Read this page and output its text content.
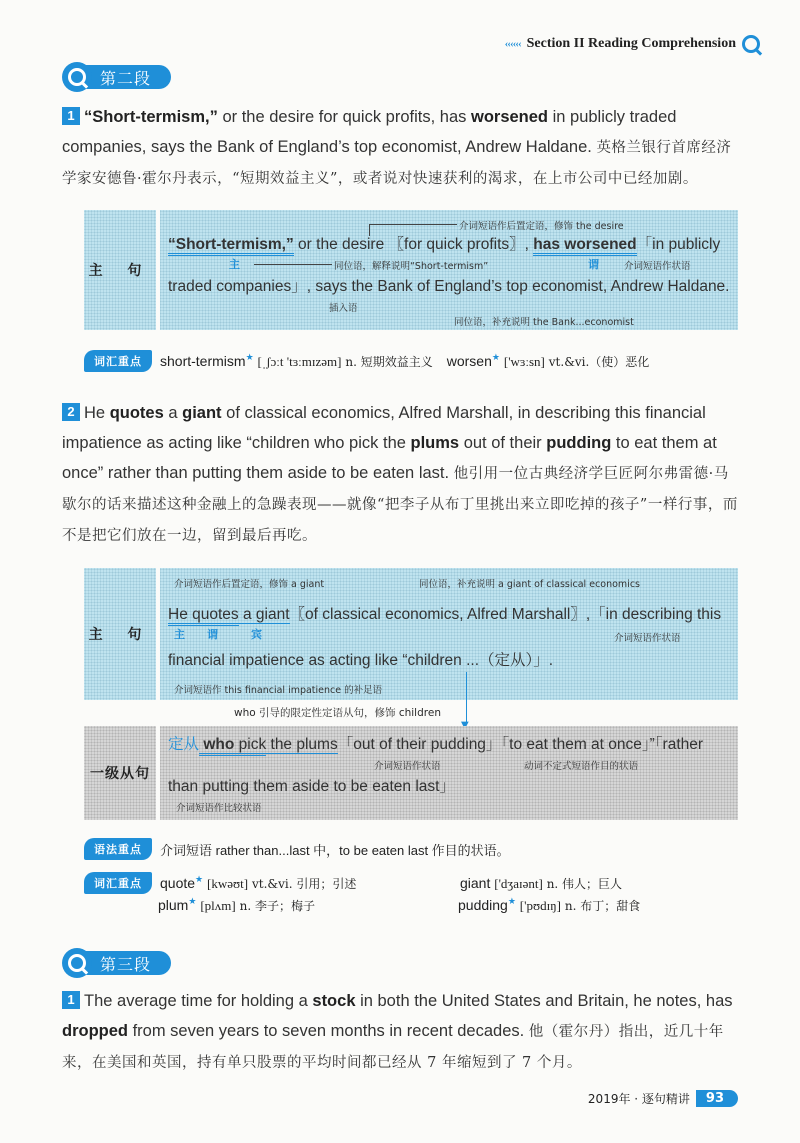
‹‹‹‹‹‹ Section II Reading Comprehension
第二段
1 “Short-termism,” or the desire for quick profits, has worsened in publicly traded companies, says the Bank of England’s top economist, Andrew Haldane. 英格兰银行首席经济学家安德鲁·霍尔丹表示，“短期效益主义”，或者说对快速获利的渴求，在上市公司中已经加剧。
主 句
介词短语作后置定语，修饰 the desire
“Short-termism,” or the desire 〖for quick profits〗, has worsened「in publicly
主	谓
同位语，解释说明“Short-termism”	介词短语作状语
traded companies」, says the Bank of England’s top economist, Andrew Haldane.
插入语
同位语，补充说明 the Bank...economist
词汇重点	short-termism★ [ˌʃɔːt 'tɜːmɪzəm] n. 短期效益主义 worsen★ ['wɜːsn] vt.&vi.（使）恶化
2 He quotes a giant of classical economics, Alfred Marshall, in describing this financial impatience as acting like “children who pick the plums out of their pudding to eat them at once” rather than putting them aside to be eaten last. 他引用一位古典经济学巨匠阿尔弗雷德·马歇尔的话来描述这种金融上的急躁表现——就像“把李子从布丁里挑出来立即吃掉的孩子”一样行事，而不是把它们放在一边，留到最后再吃。
主 句
介词短语作后置定语，修饰 a giant	同位语，补充说明 a giant of classical economics
He quotes a giant〖of classical economics, Alfred Marshall〗,「in describing this
主　　谓　　　宾	介词短语作状语
financial impatience as acting like “children ...（定从）」.
介词短语作 this financial impatience 的补足语
who 引导的限定性定语从句，修饰 children
一级从句
定从 who pick the plums「out of their pudding」「to eat them at once」”「rather
介词短语作状语	动词不定式短语作目的状语
than putting them aside to be eaten last」
介词短语作比较状语
语法重点	介词短语 rather than...last 中，to be eaten last 作目的状语。
词汇重点	quote★ [kwəʊt] vt.&vi. 引用；引述	giant ['dʒaɪənt] n. 伟人；巨人
plum★ [plʌm] n. 李子；梅子	pudding★ ['pʊdɪŋ] n. 布丁；甜食
第三段
1 The average time for holding a stock in both the United States and Britain, he notes, has dropped from seven years to seven months in recent decades. 他（霍尔丹）指出，近几十年来，在美国和英国，持有单只股票的平均时间都已经从 7 年缩短到了 7 个月。
2019年 · 逐句精讲	93
